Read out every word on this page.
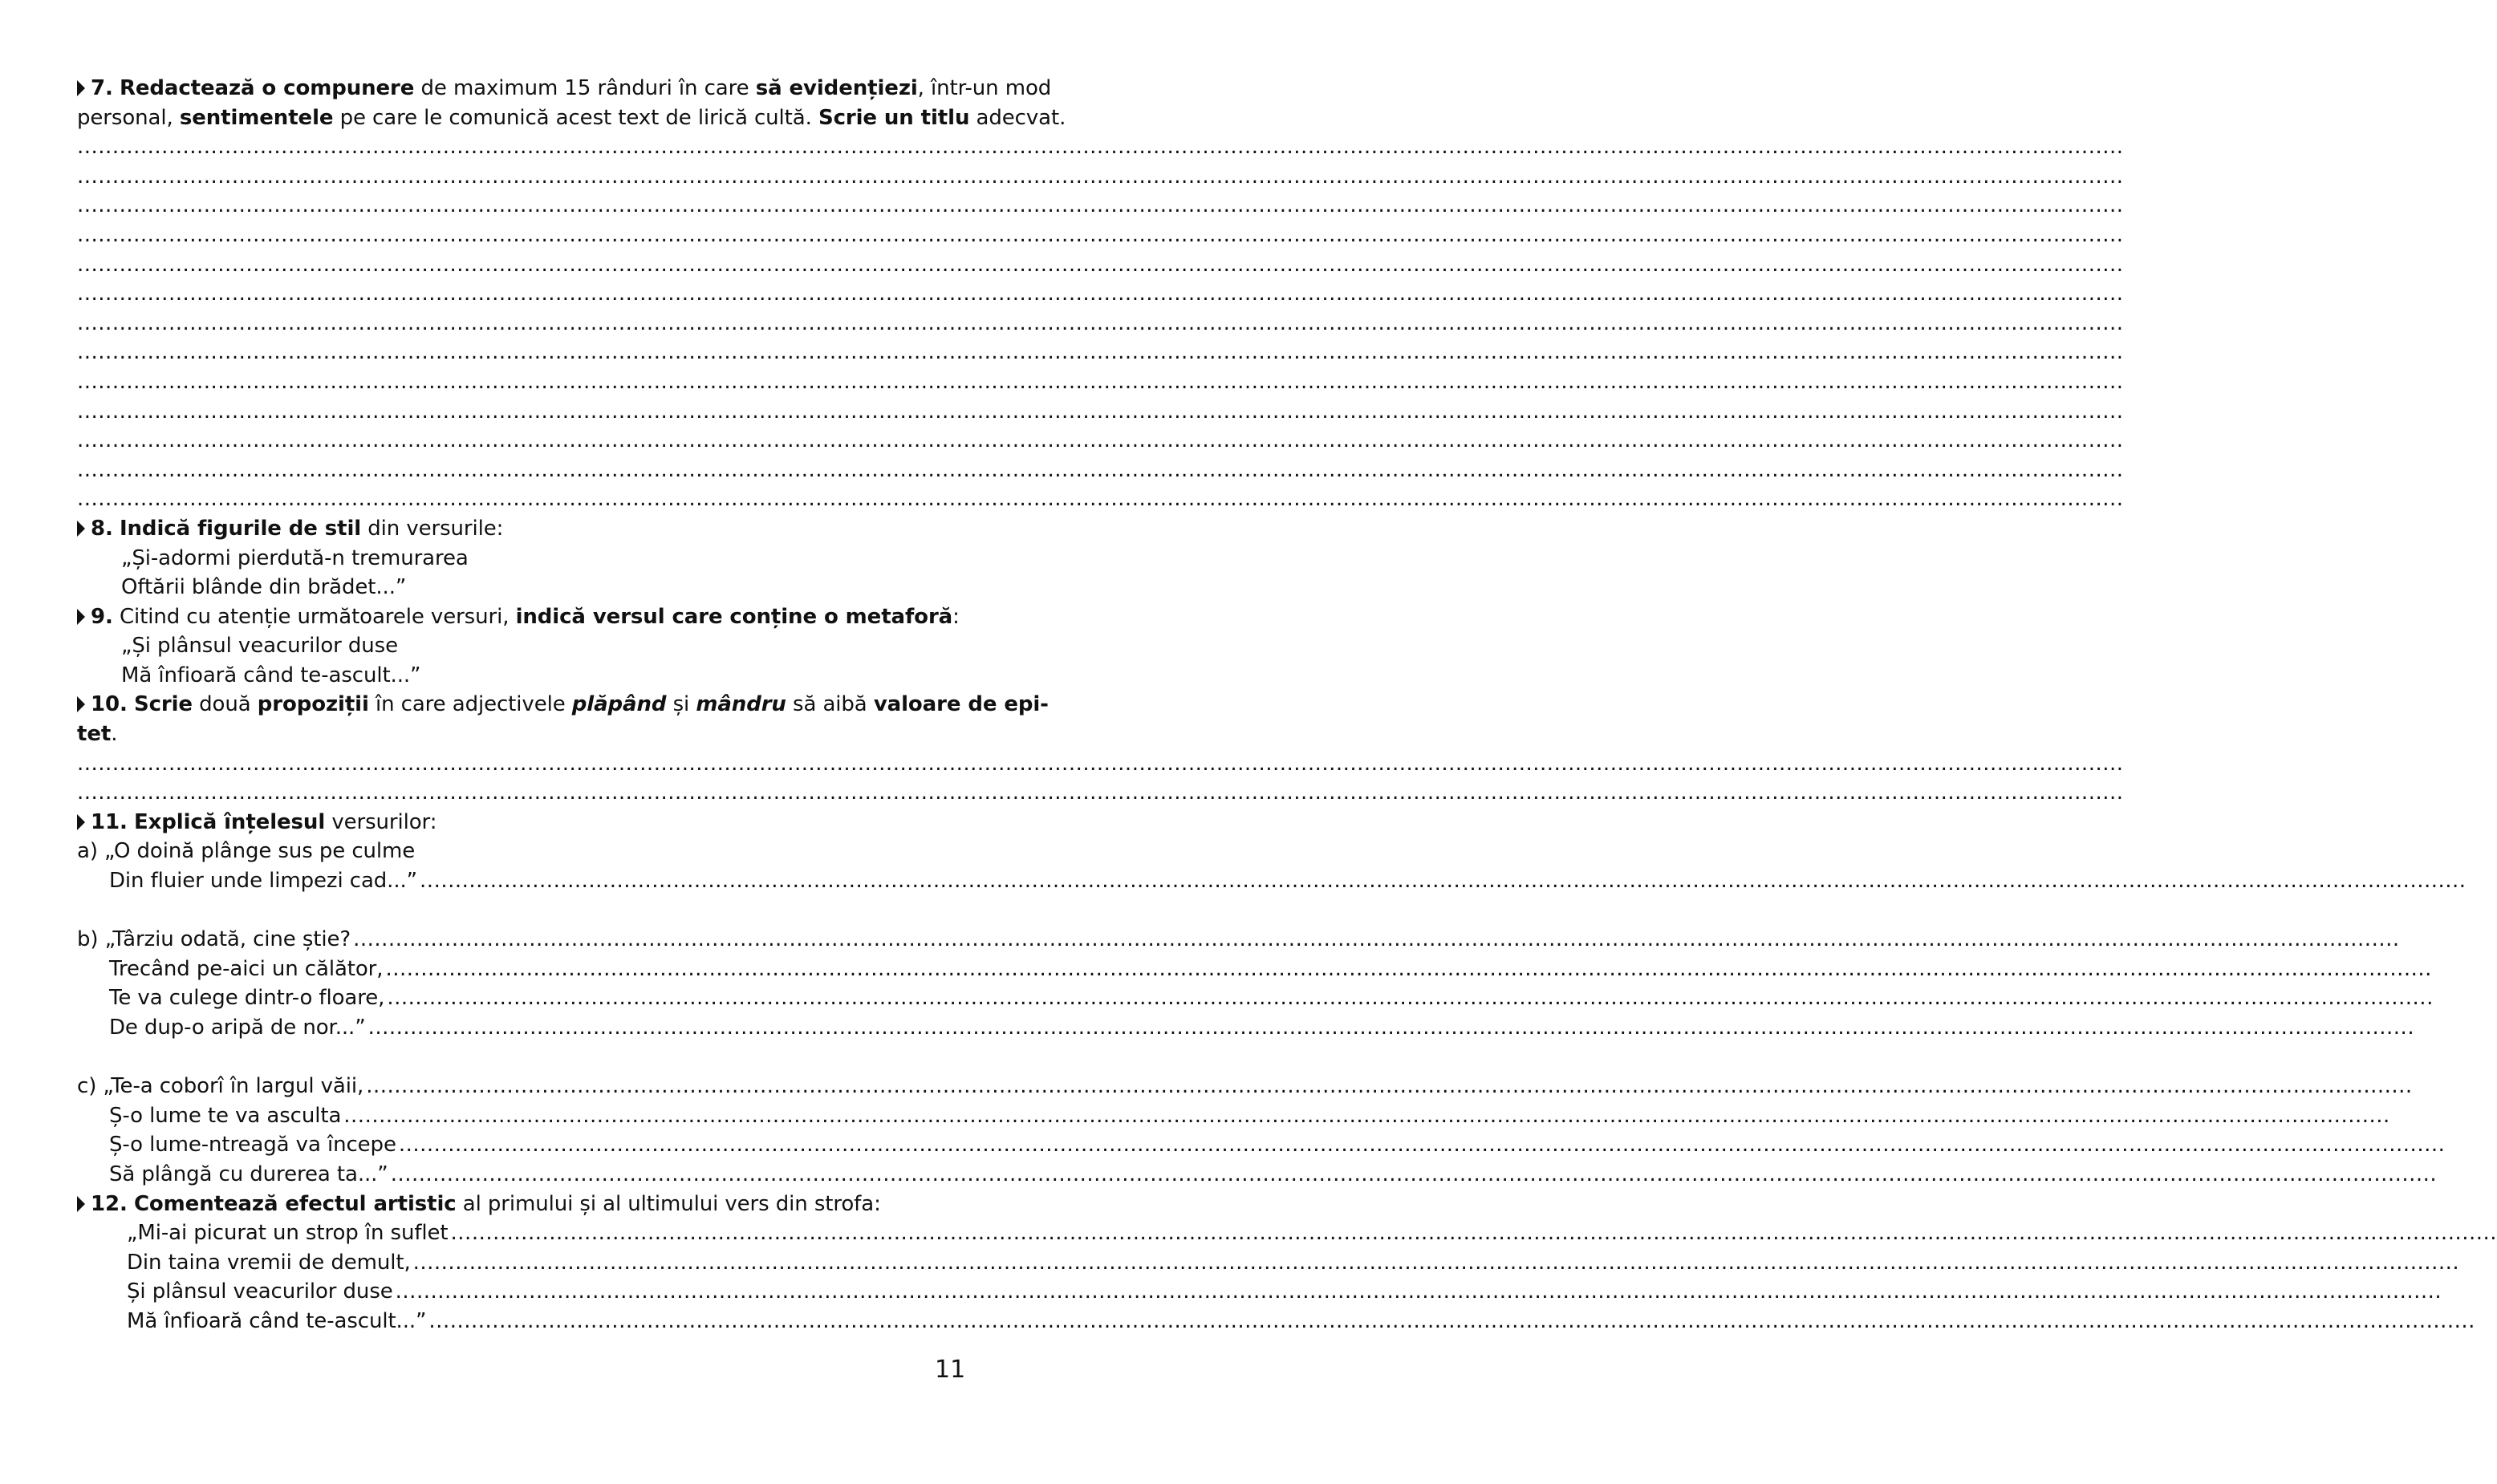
7. Redactează o compunere de maximum 15 rânduri în care să evidențiezi, într-un mod
personal, sentimentele pe care le comunică acest text de lirică cultă. Scrie un titlu adecvat.
...................................................................................................................................................................................................................................................................................................
...................................................................................................................................................................................................................................................................................................
...................................................................................................................................................................................................................................................................................................
...................................................................................................................................................................................................................................................................................................
...................................................................................................................................................................................................................................................................................................
...................................................................................................................................................................................................................................................................................................
...................................................................................................................................................................................................................................................................................................
...................................................................................................................................................................................................................................................................................................
...................................................................................................................................................................................................................................................................................................
...................................................................................................................................................................................................................................................................................................
...................................................................................................................................................................................................................................................................................................
...................................................................................................................................................................................................................................................................................................
...................................................................................................................................................................................................................................................................................................
8. Indică figurile de stil din versurile:
„Și-adormi pierdută-n tremurarea
Oftării blânde din brădet...”
9. Citind cu atenție următoarele versuri, indică versul care conține o metaforă:
„Și plânsul veacurilor duse
Mă înfioară când te-ascult...”
10. Scrie două propoziții în care adjectivele plăpând și mândru să aibă valoare de epi-
tet.
...................................................................................................................................................................................................................................................................................................
...................................................................................................................................................................................................................................................................................................
11. Explică înțelesul versurilor:
a) „O doină plânge sus pe culme
Din fluier unde limpezi cad...” ...................................................................................................................................................................................................................................................................................................
b) „Târziu odată, cine știe? ...................................................................................................................................................................................................................................................................................................
Trecând pe-aici un călător, ...................................................................................................................................................................................................................................................................................................
Te va culege dintr-o floare, ...................................................................................................................................................................................................................................................................................................
De dup-o aripă de nor...” ...................................................................................................................................................................................................................................................................................................
c) „Te-a coborî în largul văii, ...................................................................................................................................................................................................................................................................................................
Ș-o lume te va asculta ...................................................................................................................................................................................................................................................................................................
Ș-o lume-ntreagă va începe ...................................................................................................................................................................................................................................................................................................
Să plângă cu durerea ta...” ...................................................................................................................................................................................................................................................................................................
12. Comentează efectul artistic al primului și al ultimului vers din strofa:
„Mi-ai picurat un strop în suflet ...................................................................................................................................................................................................................................................................................................
Din taina vremii de demult, ...................................................................................................................................................................................................................................................................................................
Și plânsul veacurilor duse ...................................................................................................................................................................................................................................................................................................
Mă înfioară când te-ascult...” ...................................................................................................................................................................................................................................................................................................
11
